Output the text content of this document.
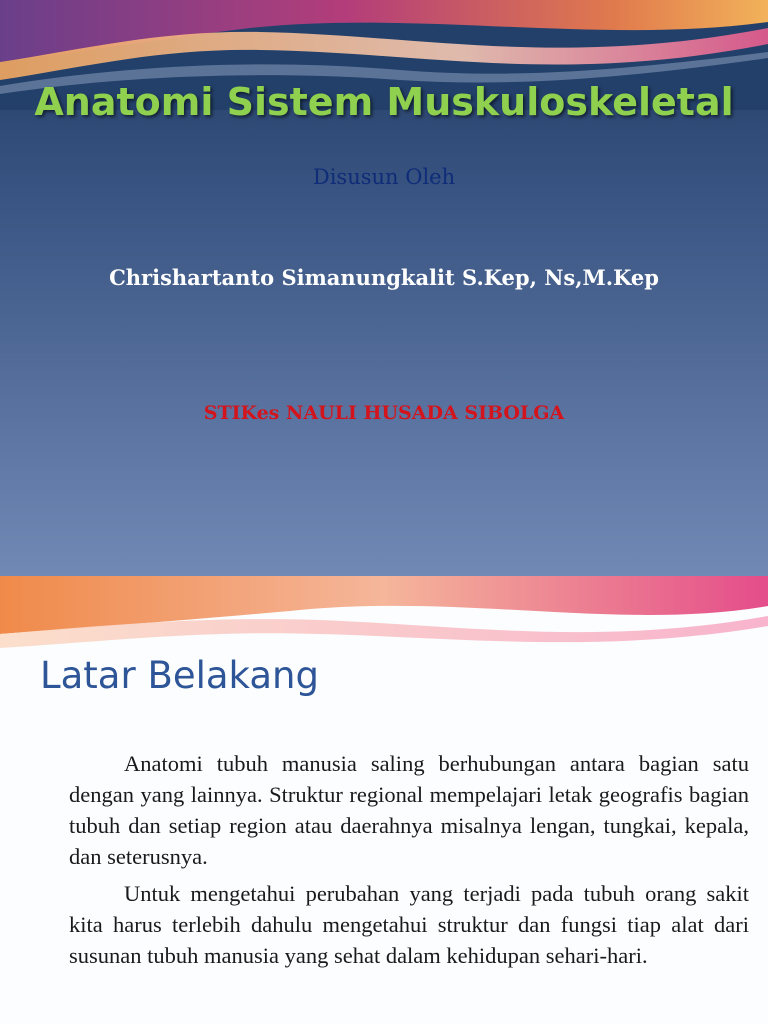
Anatomi Sistem Muskuloskeletal
Disusun Oleh
Chrishartanto Simanungkalit S.Kep, Ns,M.Kep
STIKes NAULI HUSADA SIBOLGA
Latar Belakang

Anatomi tubuh manusia saling berhubungan antara bagian satu dengan yang lainnya. Struktur regional mempelajari letak geografis bagian tubuh dan setiap region atau daerahnya misalnya lengan, tungkai, kepala, dan seterusnya.

Untuk mengetahui perubahan yang terjadi pada tubuh orang sakit kita harus terlebih dahulu mengetahui struktur dan fungsi tiap alat dari susunan tubuh manusia yang sehat dalam kehidupan sehari-hari.
